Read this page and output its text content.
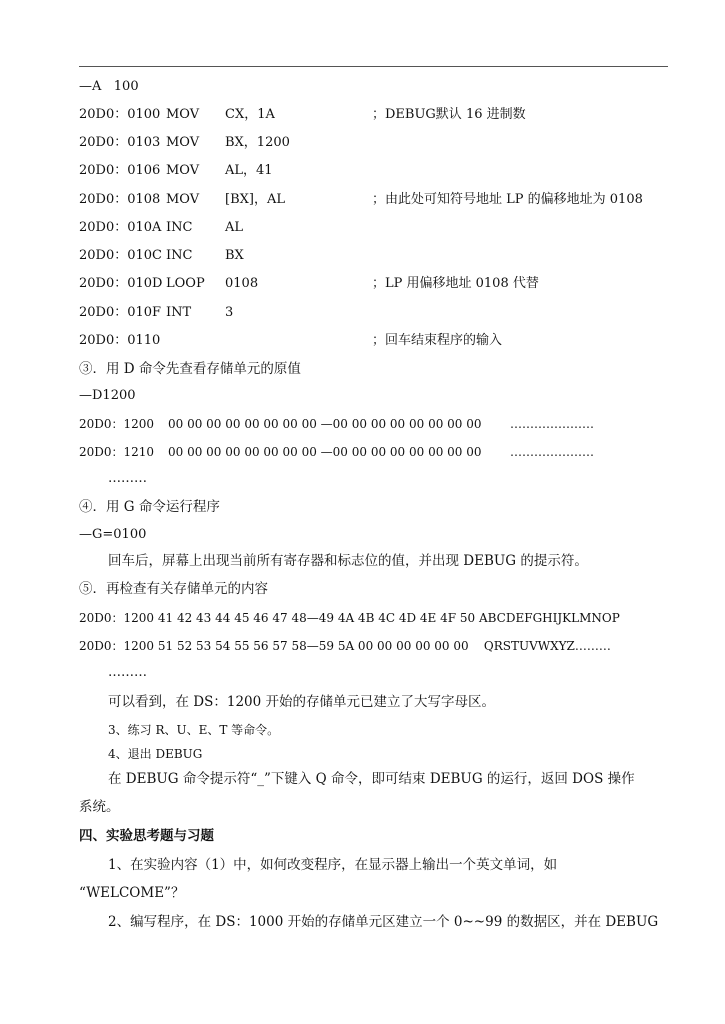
—A   100
20D0：0100 MOV CX，1A	；DEBUG默认 16 进制数
20D0：0103 MOV BX，1200
20D0：0106 MOV AL，41
20D0：0108 MOV [BX]，AL	；由此处可知符号地址 LP 的偏移地址为 0108
20D0：010A INC	AL
20D0：010C INC	BX
20D0：010D LOOP 0108	；LP 用偏移地址 0108 代替
20D0：010F INT	3
20D0：0110	；回车结束程序的输入
③．用 D 命令先查看存储单元的原值
—D1200
20D0：1200 00 00 00 00 00 00 00 00 —00 00 00 00 00 00 00 00 …………………
20D0：1210 00 00 00 00 00 00 00 00 —00 00 00 00 00 00 00 00 …………………
………
④．用 G 命令运行程序
—G=0100
回车后，屏幕上出现当前所有寄存器和标志位的值，并出现 DEBUG 的提示符。
⑤．再检查有关存储单元的内容
20D0：1200 41 42 43 44 45 46 47 48—49 4A 4B 4C 4D 4E 4F 50 ABCDEFGHIJKLMNOP
20D0：1200 51 52 53 54 55 56 57 58—59 5A 00 00 00 00 00 00    QRSTUVWXYZ………
………
可以看到，在 DS：1200 开始的存储单元已建立了大写字母区。
3、练习 R、U、E、T 等命令。
4、退出 DEBUG
在 DEBUG 命令提示符“_”下键入 Q 命令，即可结束 DEBUG 的运行，返回 DOS 操作
系统。
四、实验思考题与习题
1、在实验内容（1）中，如何改变程序，在显示器上输出一个英文单词，如
“WELCOME”？
2、编写程序，在 DS：1000 开始的存储单元区建立一个 0~~99 的数据区，并在 DEBUG
